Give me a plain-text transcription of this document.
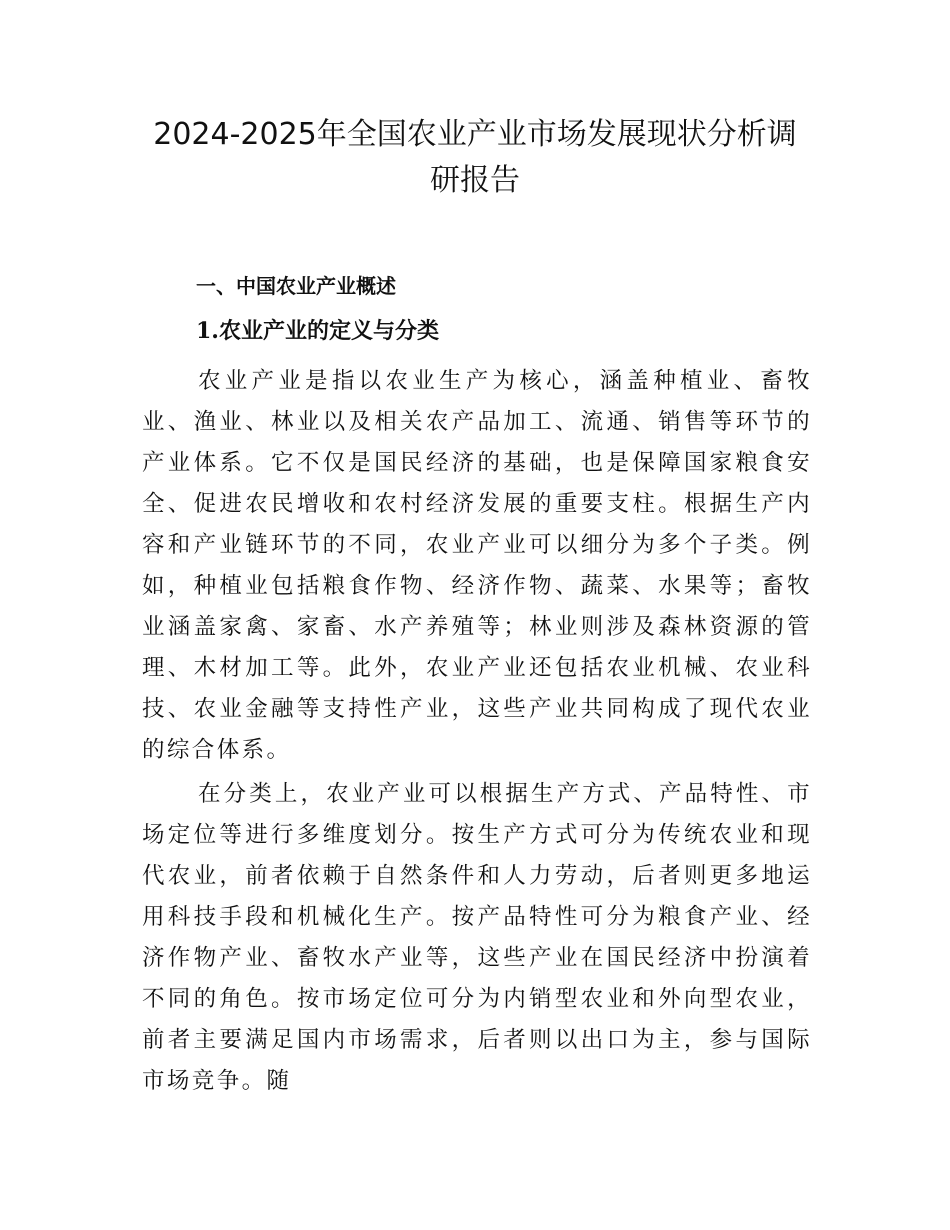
2024-2025年全国农业产业市场发展现状分析调研报告
一、中国农业产业概述
1.农业产业的定义与分类

农业产业是指以农业生产为核心，涵盖种植业、畜牧业、渔业、林业以及相关农产品加工、流通、销售等环节的产业体系。它不仅是国民经济的基础，也是保障国家粮食安全、促进农民增收和农村经济发展的重要支柱。根据生产内容和产业链环节的不同，农业产业可以细分为多个子类。例如，种植业包括粮食作物、经济作物、蔬菜、水果等；畜牧业涵盖家禽、家畜、水产养殖等；林业则涉及森林资源的管理、木材加工等。此外，农业产业还包括农业机械、农业科技、农业金融等支持性产业，这些产业共同构成了现代农业的综合体系。

在分类上，农业产业可以根据生产方式、产品特性、市场定位等进行多维度划分。按生产方式可分为传统农业和现代农业，前者依赖于自然条件和人力劳动，后者则更多地运用科技手段和机械化生产。按产品特性可分为粮食产业、经济作物产业、畜牧水产业等，这些产业在国民经济中扮演着不同的角色。按市场定位可分为内销型农业和外向型农业，前者主要满足国内市场需求，后者则以出口为主，参与国际市场竞争。随
